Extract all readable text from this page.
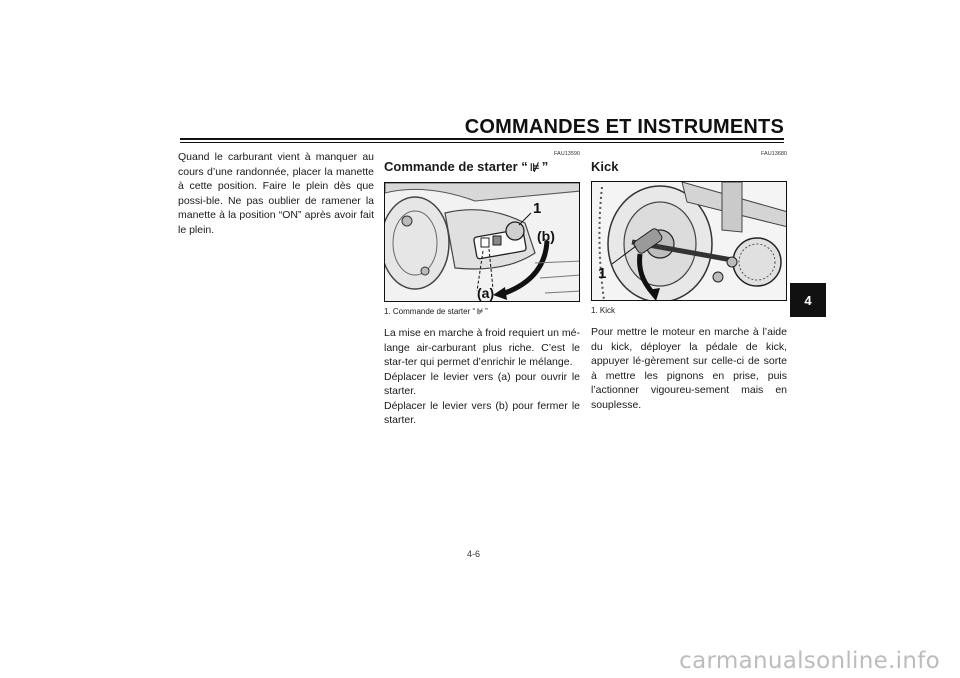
COMMANDES ET INSTRUMENTS
4

Quand le carburant vient à manquer au cours d’une randonnée, placer la manette à cette position. Faire le plein dès que possi-ble. Ne pas oublier de ramener la manette à la position “ON” après avoir fait le plein.

FAU13590
Commande de starter “ ⊯ ”
1
(b)
(a)
1. Commande de starter “ ⊯ ”

La mise en marche à froid requiert un mé-lange air-carburant plus riche. C’est le star-ter qui permet d’enrichir le mélange.

Déplacer le levier vers (a) pour ouvrir le starter.

Déplacer le levier vers (b) pour fermer le starter.

FAU13680
Kick
1
1. Kick

Pour mettre le moteur en marche à l’aide du kick, déployer la pédale de kick, appuyer lé-gèrement sur celle-ci de sorte à mettre les pignons en prise, puis l’actionner vigoureu-sement mais en souplesse.

4-6
carmanualsonline.info
